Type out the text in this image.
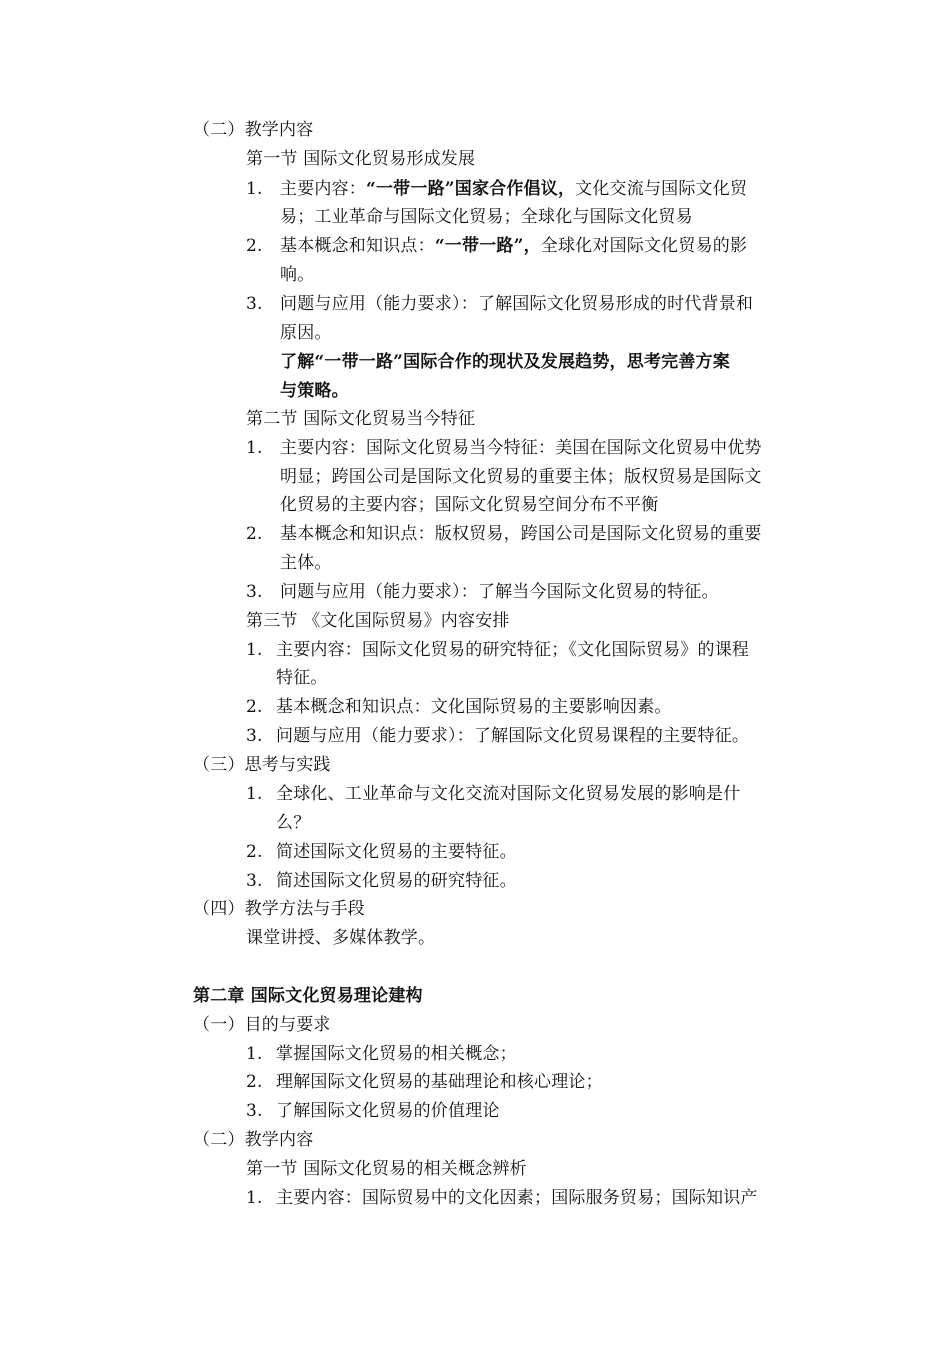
（二）教学内容
第一节 国际文化贸易形成发展
1. 主要内容：“一带一路”国家合作倡议，文化交流与国际文化贸
易；工业革命与国际文化贸易；全球化与国际文化贸易
2. 基本概念和知识点：“一带一路”，全球化对国际文化贸易的影
响。
3. 问题与应用（能力要求）：了解国际文化贸易形成的时代背景和
原因。
了解“一带一路”国际合作的现状及发展趋势，思考完善方案
与策略。
第二节 国际文化贸易当今特征
1. 主要内容：国际文化贸易当今特征：美国在国际文化贸易中优势
明显；跨国公司是国际文化贸易的重要主体；版权贸易是国际文
化贸易的主要内容；国际文化贸易空间分布不平衡
2. 基本概念和知识点：版权贸易，跨国公司是国际文化贸易的重要
主体。
3. 问题与应用（能力要求）：了解当今国际文化贸易的特征。
第三节 《文化国际贸易》内容安排
1. 主要内容：国际文化贸易的研究特征；《文化国际贸易》的课程
特征。
2. 基本概念和知识点：文化国际贸易的主要影响因素。
3. 问题与应用（能力要求）：了解国际文化贸易课程的主要特征。
（三）思考与实践
1. 全球化、工业革命与文化交流对国际文化贸易发展的影响是什
么？
2. 简述国际文化贸易的主要特征。
3. 简述国际文化贸易的研究特征。
（四）教学方法与手段
课堂讲授、多媒体教学。
第二章 国际文化贸易理论建构
（一）目的与要求
1. 掌握国际文化贸易的相关概念；
2. 理解国际文化贸易的基础理论和核心理论；
3. 了解国际文化贸易的价值理论
（二）教学内容
第一节 国际文化贸易的相关概念辨析
1. 主要内容：国际贸易中的文化因素；国际服务贸易；国际知识产
